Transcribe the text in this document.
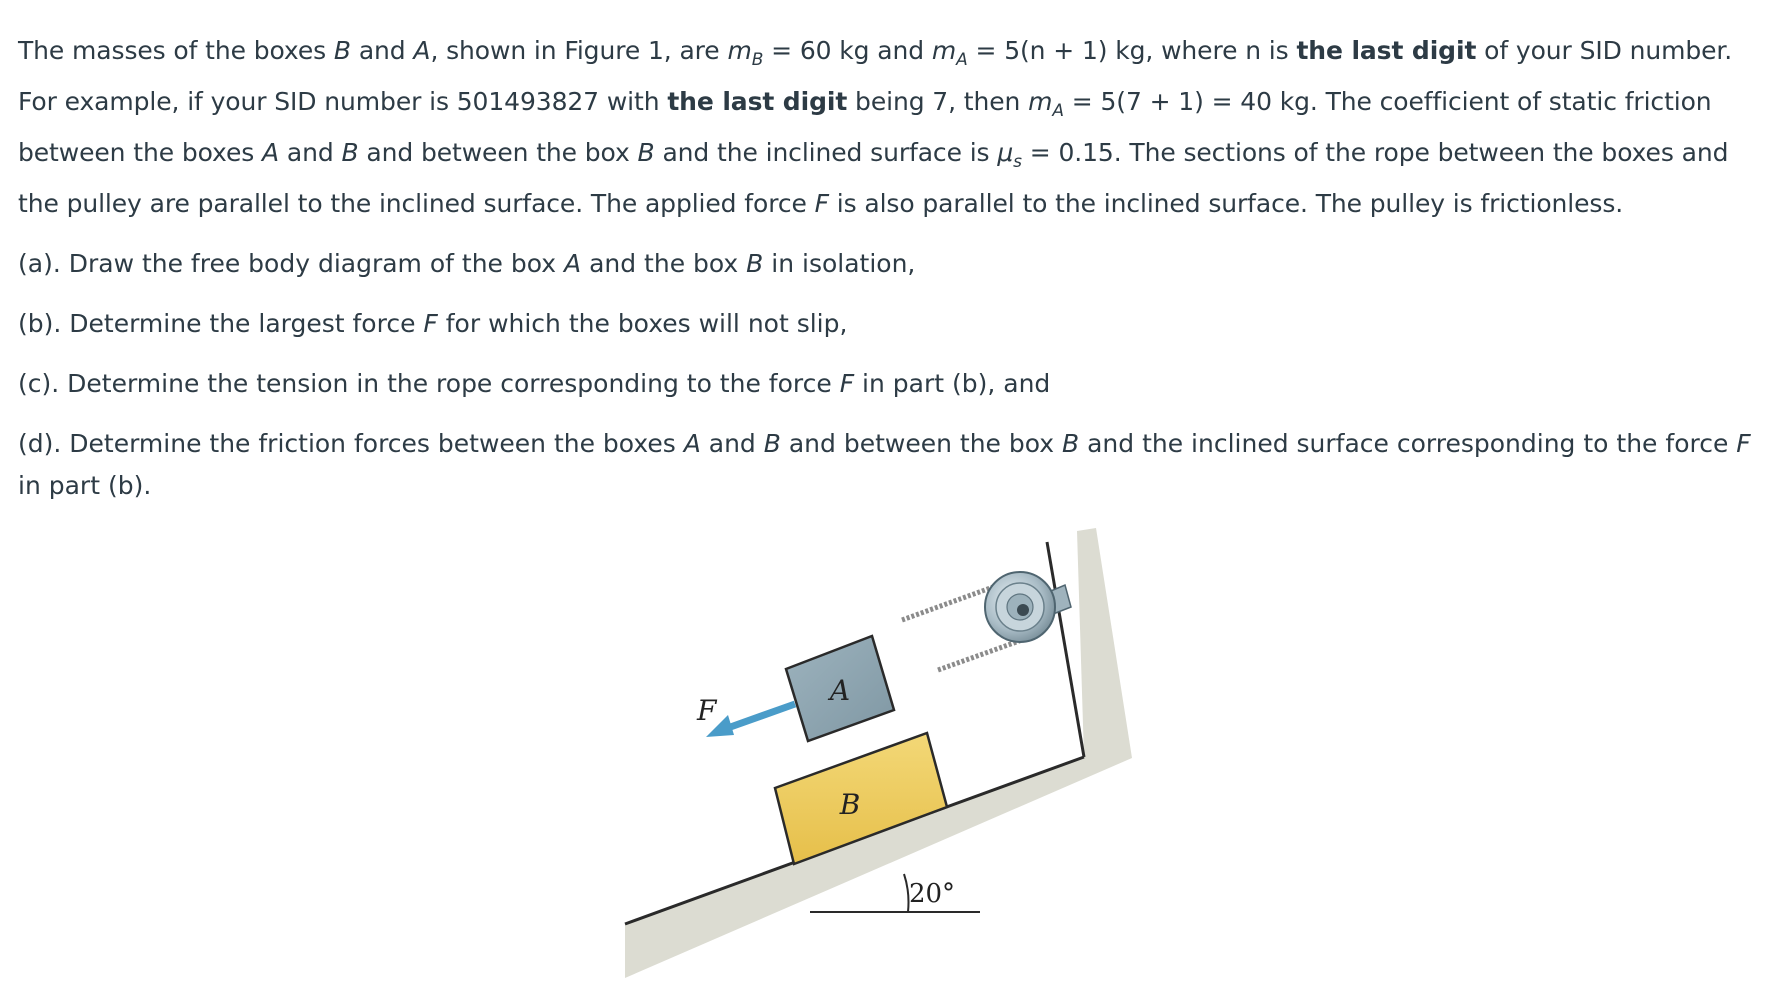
The masses of the boxes B and A, shown in Figure 1, are $m_B = 60$ kg and $m_A = 5(n + 1)$ kg, where n is the last digit of your SID number. For example, if your SID number is 501493827 with the last digit being 7, then $m_A = 5(7 + 1) = 40$ kg. The coefficient of static friction between the boxes A and B and between the box B and the inclined surface is $\mu_s = 0.15$. The sections of the rope between the boxes and the pulley are parallel to the inclined surface. The applied force F is also parallel to the inclined surface. The pulley is frictionless.

(a). Draw the free body diagram of the box A and the box B in isolation,

(b). Determine the largest force F for which the boxes will not slip,

(c). Determine the tension in the rope corresponding to the force F in part (b), and

(d). Determine the friction forces between the boxes A and B and between the box B and the inclined surface corresponding to the force F in part (b).

B
A
F
20°
